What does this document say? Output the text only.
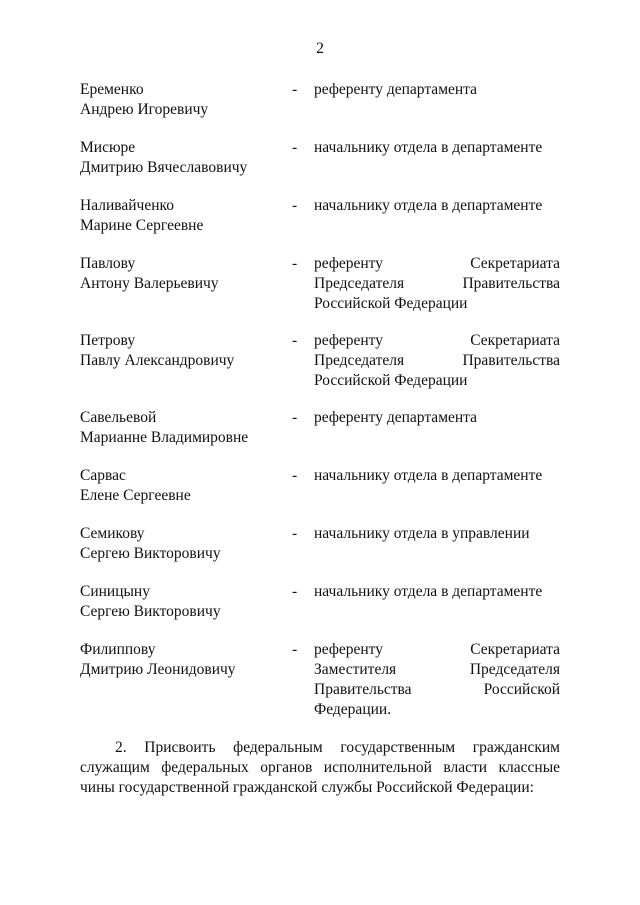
2
Еременко
Андрею Игоревичу
- референту департамента
Мисюре
Дмитрию Вячеславовичу
- начальнику отдела в департаменте
Наливайченко
Марине Сергеевне
- начальнику отдела в департаменте
Павлову
Антону Валерьевичу
- референту Секретариата
Председателя Правительства
Российской Федерации
Петрову
Павлу Александровичу
- референту Секретариата
Председателя Правительства
Российской Федерации
Савельевой
Марианне Владимировне
- референту департамента
Сарвас
Елене Сергеевне
- начальнику отдела в департаменте
Семикову
Сергею Викторовичу
- начальнику отдела в управлении
Синицыну
Сергею Викторовичу
- начальнику отдела в департаменте
Филиппову
Дмитрию Леонидовичу
- референту Секретариата
Заместителя Председателя
Правительства Российской
Федерации.
2. Присвоить федеральным государственным гражданским
служащим федеральных органов исполнительной власти классные
чины государственной гражданской службы Российской Федерации:
